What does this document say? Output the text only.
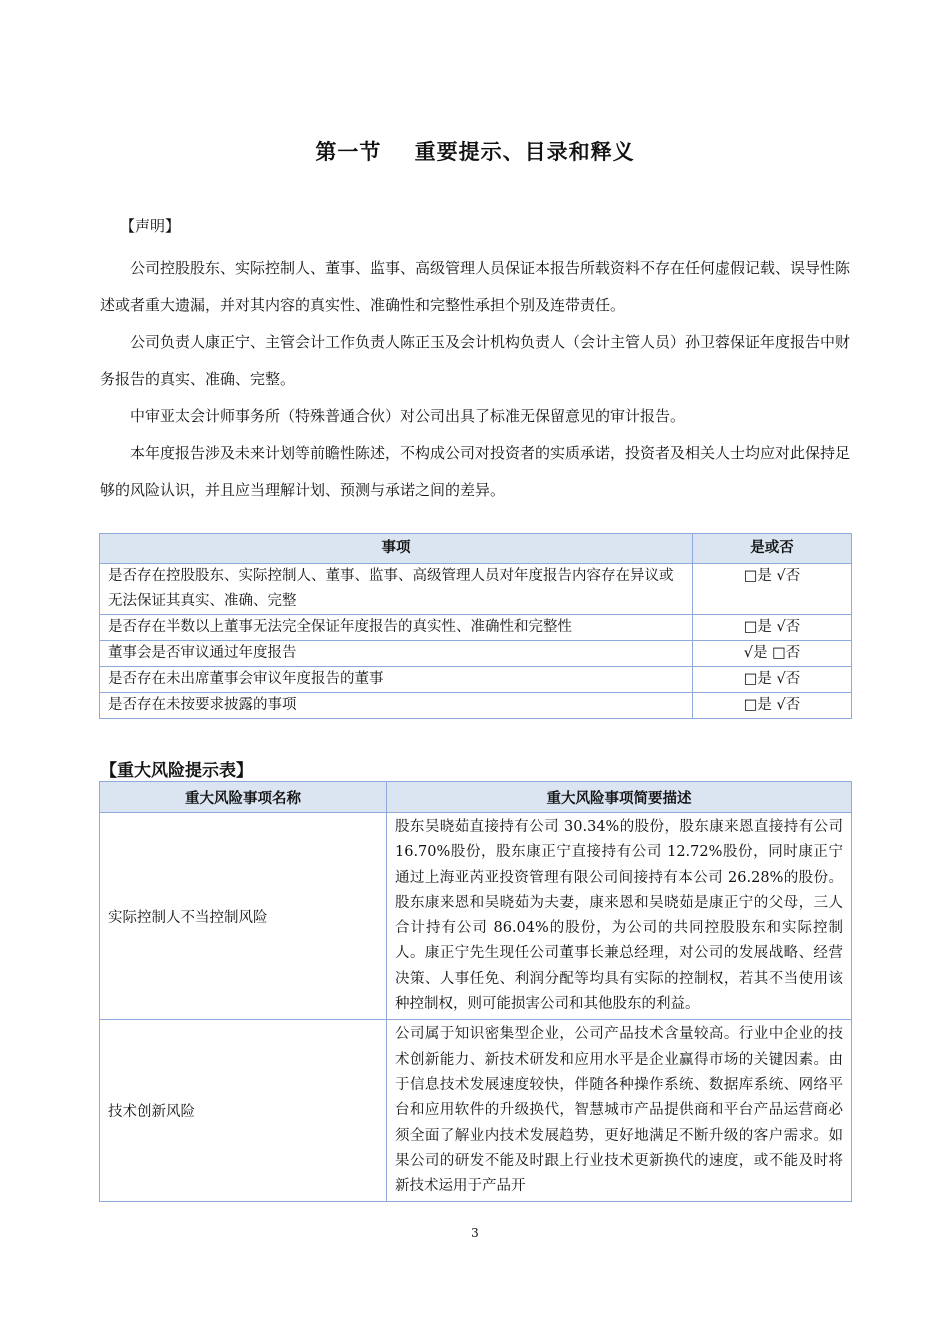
第一节    重要提示、目录和释义
【声明】

公司控股股东、实际控制人、董事、监事、高级管理人员保证本报告所载资料不存在任何虚假记载、误导性陈述或者重大遗漏，并对其内容的真实性、准确性和完整性承担个别及连带责任。

公司负责人康正宁、主管会计工作负责人陈正玉及会计机构负责人（会计主管人员）孙卫蓉保证年度报告中财务报告的真实、准确、完整。

中审亚太会计师事务所（特殊普通合伙）对公司出具了标准无保留意见的审计报告。

本年度报告涉及未来计划等前瞻性陈述，不构成公司对投资者的实质承诺，投资者及相关人士均应对此保持足够的风险认识，并且应当理解计划、预测与承诺之间的差异。

事项	是或否
是否存在控股股东、实际控制人、董事、监事、高级管理人员对年度报告内容存在异议或无法保证其真实、准确、完整	□是 √否
是否存在半数以上董事无法完全保证年度报告的真实性、准确性和完整性	□是 √否
董事会是否审议通过年度报告	√是 □否
是否存在未出席董事会审议年度报告的董事	□是 √否
是否存在未按要求披露的事项	□是 √否
【重大风险提示表】
重大风险事项名称	重大风险事项简要描述
实际控制人不当控制风险	股东吴晓茹直接持有公司 30.34%的股份，股东康来恩直接持有公司 16.70%股份，股东康正宁直接持有公司 12.72%股份，同时康正宁通过上海亚芮亚投资管理有限公司间接持有本公司 26.28%的股份。股东康来恩和吴晓茹为夫妻，康来恩和吴晓茹是康正宁的父母，三人合计持有公司 86.04%的股份，为公司的共同控股股东和实际控制人。康正宁先生现任公司董事长兼总经理，对公司的发展战略、经营决策、人事任免、利润分配等均具有实际的控制权，若其不当使用该种控制权，则可能损害公司和其他股东的利益。
技术创新风险	公司属于知识密集型企业，公司产品技术含量较高。行业中企业的技术创新能力、新技术研发和应用水平是企业赢得市场的关键因素。由于信息技术发展速度较快，伴随各种操作系统、数据库系统、网络平台和应用软件的升级换代，智慧城市产品提供商和平台产品运营商必须全面了解业内技术发展趋势，更好地满足不断升级的客户需求。如果公司的研发不能及时跟上行业技术更新换代的速度，或不能及时将新技术运用于产品开
3
